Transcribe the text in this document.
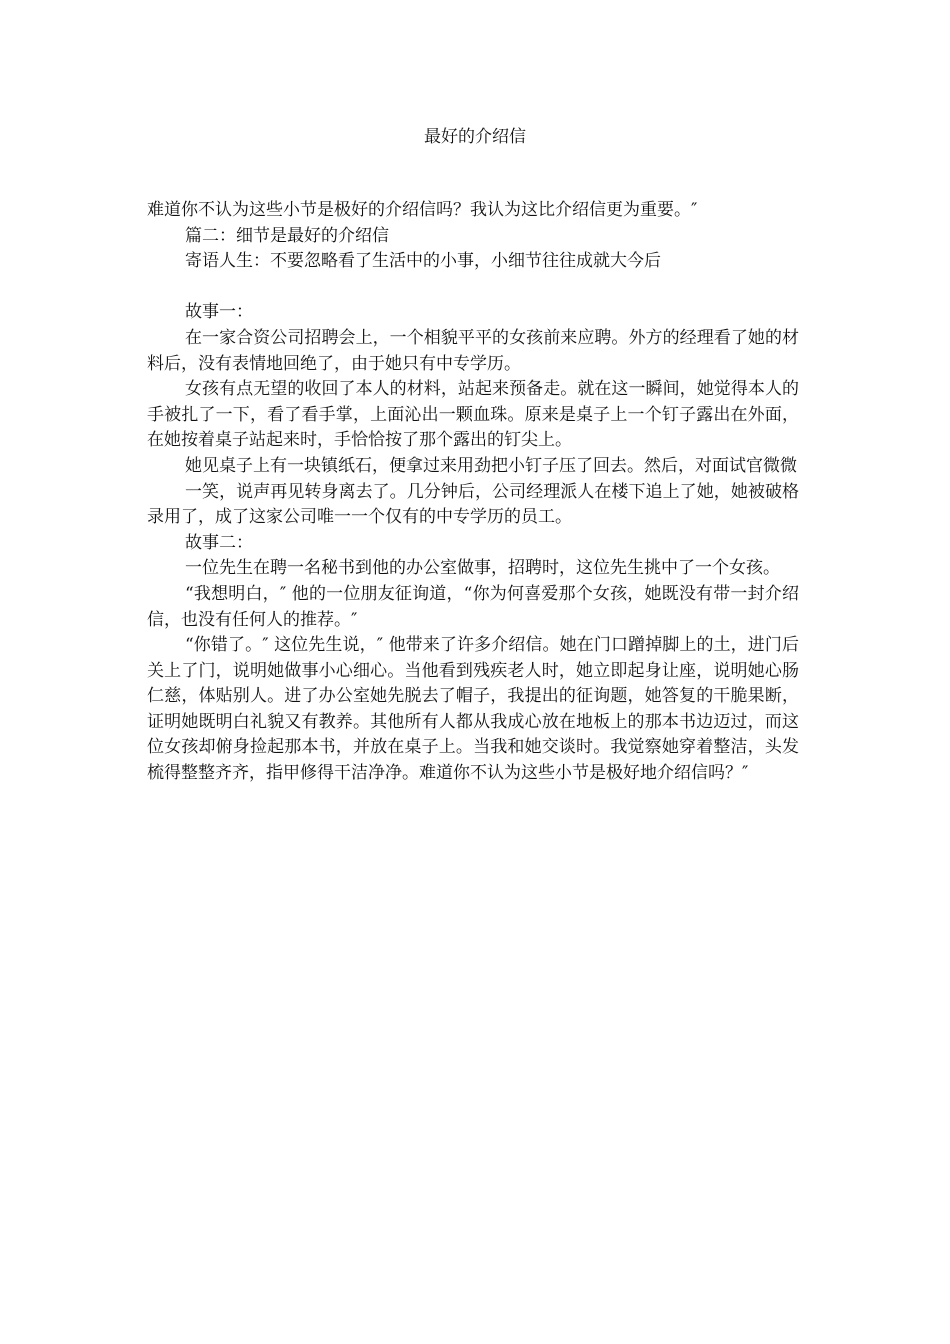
最好的介绍信

难道你不认为这些小节是极好的介绍信吗？我认为这比介绍信更为重要。″

篇二：细节是最好的介绍信

寄语人生：不要忽略看了生活中的小事，小细节往往成就大今后

故事一：

在一家合资公司招聘会上，一个相貌平平的女孩前来应聘。外方的经理看了她的材料后，没有表情地回绝了，由于她只有中专学历。

女孩有点无望的收回了本人的材料，站起来预备走。就在这一瞬间，她觉得本人的手被扎了一下，看了看手掌，上面沁出一颗血珠。原来是桌子上一个钉子露出在外面，在她按着桌子站起来时，手恰恰按了那个露出的钉尖上。

她见桌子上有一块镇纸石，便拿过来用劲把小钉子压了回去。然后，对面试官微微

一笑，说声再见转身离去了。几分钟后，公司经理派人在楼下追上了她，她被破格录用了，成了这家公司唯一一个仅有的中专学历的员工。

故事二：

一位先生在聘一名秘书到他的办公室做事，招聘时，这位先生挑中了一个女孩。

“我想明白，″ 他的一位朋友征询道，“你为何喜爱那个女孩，她既没有带一封介绍信，也没有任何人的推荐。″

“你错了。″ 这位先生说，″ 他带来了许多介绍信。她在门口蹭掉脚上的土，进门后关上了门，说明她做事小心细心。当他看到残疾老人时，她立即起身让座，说明她心肠仁慈，体贴别人。进了办公室她先脱去了帽子，我提出的征询题，她答复的干脆果断，证明她既明白礼貌又有教养。其他所有人都从我成心放在地板上的那本书边迈过，而这位女孩却俯身捡起那本书，并放在桌子上。当我和她交谈时。我觉察她穿着整洁，头发梳得整整齐齐，指甲修得干洁净净。难道你不认为这些小节是极好地介绍信吗？″
